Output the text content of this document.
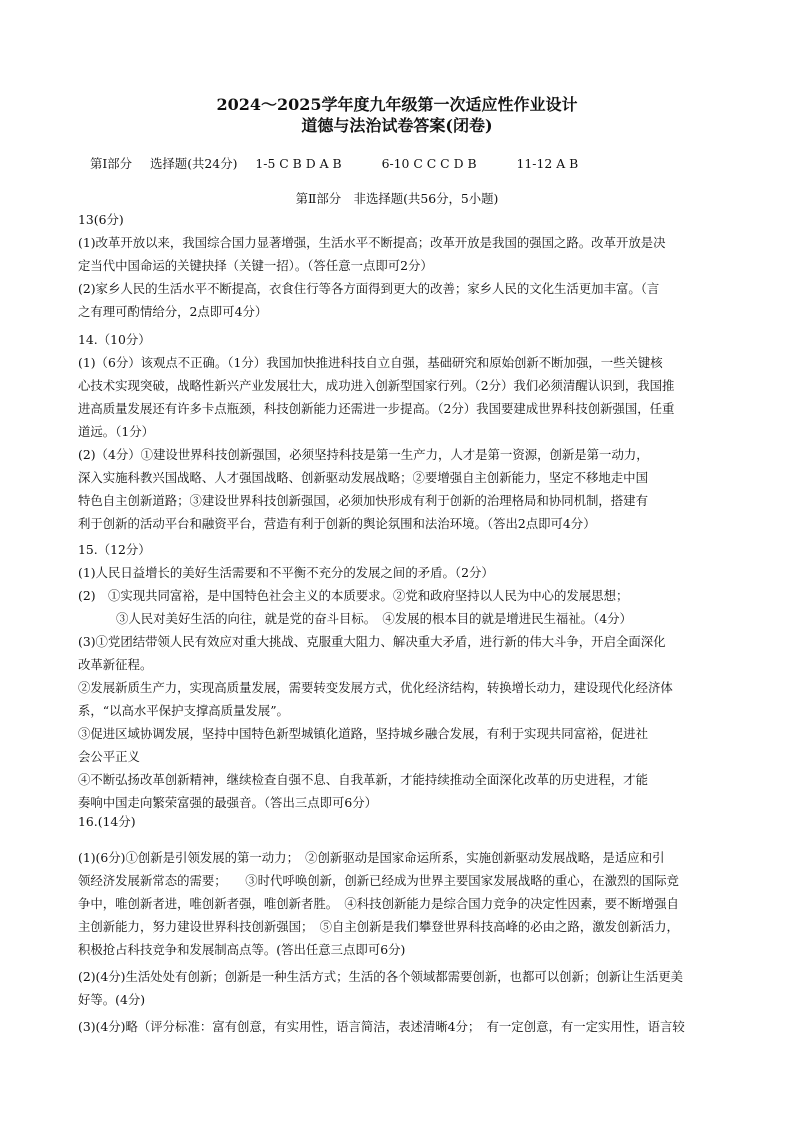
2024～2025学年度九年级第一次适应性作业设计
道德与法治试卷答案(闭卷)
第Ⅰ部分 选择题(共24分) 1-5 C B D A B	6-10 C C C D B	11-12 A B
第Ⅱ部分　非选择题(共56分，5小题)
13(6分)
(1)改革开放以来，我国综合国力显著增强，生活水平不断提高；改革开放是我国的强国之路。改革开放是决
定当代中国命运的关键抉择（关键一招）。（答任意一点即可2分）
(2)家乡人民的生活水平不断提高，衣食住行等各方面得到更大的改善；家乡人民的文化生活更加丰富。（言
之有理可酌情给分，2点即可4分）
14.（10分）
(1)（6分）该观点不正确。（1分）我国加快推进科技自立自强，基础研究和原始创新不断加强，一些关键核
心技术实现突破，战略性新兴产业发展壮大，成功进入创新型国家行列。（2分）我们必须清醒认识到，我国推
进高质量发展还有许多卡点瓶颈，科技创新能力还需进一步提高。（2分）我国要建成世界科技创新强国，任重
道远。（1分）
(2)（4分）①建设世界科技创新强国，必须坚持科技是第一生产力，人才是第一资源，创新是第一动力，
深入实施科教兴国战略、人才强国战略、创新驱动发展战略；②要增强自主创新能力，坚定不移地走中国
特色自主创新道路；③建设世界科技创新强国，必须加快形成有利于创新的治理格局和协同机制，搭建有
利于创新的活动平台和融资平台，营造有利于创新的舆论氛围和法治环境。（答出2点即可4分）
15.（12分）
(1)人民日益增长的美好生活需要和不平衡不充分的发展之间的矛盾。（2分）
(2)　①实现共同富裕，是中国特色社会主义的本质要求。②党和政府坚持以人民为中心的发展思想；
③人民对美好生活的向往，就是党的奋斗目标。　④发展的根本目的就是增进民生福祉。（4分）
(3)①党团结带领人民有效应对重大挑战、克服重大阻力、解决重大矛盾，进行新的伟大斗争，开启全面深化
改革新征程。
②发展新质生产力，实现高质量发展，需要转变发展方式，优化经济结构，转换增长动力，建设现代化经济体
系，“以高水平保护支撑高质量发展”。
③促进区域协调发展，坚持中国特色新型城镇化道路，坚持城乡融合发展，有利于实现共同富裕，促进社
会公平正义
④不断弘扬改革创新精神，继续检查自强不息、自我革新，才能持续推动全面深化改革的历史进程，才能
奏响中国走向繁荣富强的最强音。（答出三点即可6分）
16.(14分)
(1)(6分)①创新是引领发展的第一动力；　②创新驱动是国家命运所系，实施创新驱动发展战略，是适应和引
领经济发展新常态的需要；　　③时代呼唤创新，创新已经成为世界主要国家发展战略的重心，在激烈的国际竞
争中，唯创新者进，唯创新者强，唯创新者胜。　④科技创新能力是综合国力竞争的决定性因素，要不断增强自
主创新能力，努力建设世界科技创新强国；　⑤自主创新是我们攀登世界科技高峰的必由之路，激发创新活力，
积极抢占科技竞争和发展制高点等。(答出任意三点即可6分)
(2)(4分)生活处处有创新；创新是一种生活方式；生活的各个领域都需要创新，也都可以创新；创新让生活更美
好等。(4分)
(3)(4分)略（评分标准：富有创意，有实用性，语言简洁，表述清晰4分；　有一定创意，有一定实用性，语言较
